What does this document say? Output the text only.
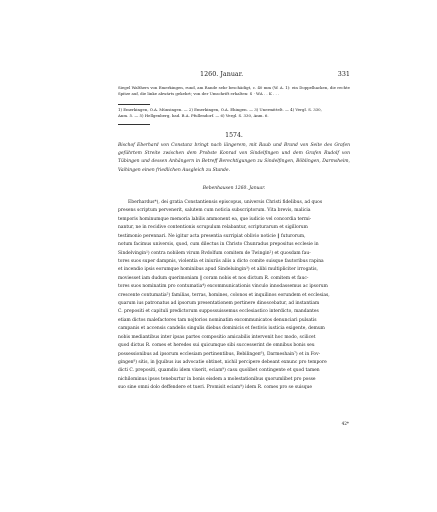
1260. Januar.	331

Siegel Walthers von Emerkingen, rund, am Rande sehr beschädigt, c. 40 mm (W. A. 1): ein Doppelhacken, die rechte Spitze auf, die linke abwärts gekehrt; von der Umschrift erhalten: S · WA . . K . . .

1) Emerkingen, O.A. Münsingen. — 2) Emerkingen, O.A. Ehingen. — 3) Unermittelt. — 4) Vergl. S. 330,

Anm. 5. — 5) Hellgenberg, bad. B.A. Pfullendorf. — 6) Vergl. S. 330, Anm. 6.

1574.

Bischof Eberhard von Constanz bringt nach längerem, mit Raub und Brand von Seite des Grafen geführtem Streite zwischen dem Probste Konrad von Sindelfingen und dem Grafen Rudolf von Tübingen und dessen Anhängern in Betreff Berechtigungen zu Sindelfingen, Böblingen, Darmsheim, Vaihingen einen friedlichen Ausgleich zu Stande.

Bebenhausen 1260. Januar.

Eberhardus*), dei gratia Constantiensis episcopus, universis Christi fidelibus, ad quos

presens scriptum pervenerit, salutem cum noticia subscriptorum. Vita brevis, malicia

temporis hominumque memoria labilis ammonent ea, que iudicio vel concordia termi-

nantur, ne in recidive contentionis scrupulum relabantur, scripturarum et sigillorum

testimonio perennari. Ne igitur acta presentia surripiat oblivio noticie ‖ futurorum,

notum facimus universis, quod, cum dilectus in Christo Chunradus prepositus ecclesie in

Sindelvingin¹) contra nobilem virum Rvdolfum comitem de Twingin²) et quosdam fau-

tores suos super dampnis, violentia et iniuriis aliis a dicto comite suisque fautoribus rapina

et incendio ipsis eorumque hominibus apud Sindeluingin³) et alibi multipliciter irrogatis,

moviesset iam dudum querimoniam ‖ coram nobis et nos dictum R. comitem et fauc-

tores suos nominatim pro contumatia⁴) excommunicationis vinculo innodassemus ac ipsorum

crescente contumatia⁵) familias, terras, homines, colonos et inquilinos eorundem et ecclesias,

quarum ius patronatus ad ipsorum presentationem pertinere dinoscebatur, ad instantiam

C. prepositi et capituli predictorum suppossuissemus ecclesiastico interdicto, mandantes

etiam dictos malefactores tam nojtorios nominatim excommunicatos denunciari pulsatis

campanis et accensis candelis singulis diebus dominicis et festivis iusticia exigente, demum

nobis mediantibus inter ipsas partes compositio amicabilis intervenit hoc modo, scilicet

quod dictus R. comes et heredes sui quicumque sibi successerint de omnibus bonis seu

possessionibus ad ipsorum ecclesiam pertinentibus, Bebilingen⁶), Darmeshain⁷) et in Fov-

gingen⁸) sitis, in ‖quibus ius advocatie obtinet, nichil percipere debeant exnunc pro tempore

dicti C. prepositi, quamdiu idem vixerit, eciam⁹) casu quolibet contingente et quod tamen

nichilominus ipsos teneburtur in bonis eisdem a molestationibus quorumlibet pro posse

suo sine omni dolo deffendere et tueri. Promisit eciam⁹) idem R. comes pro se suisque

42*
